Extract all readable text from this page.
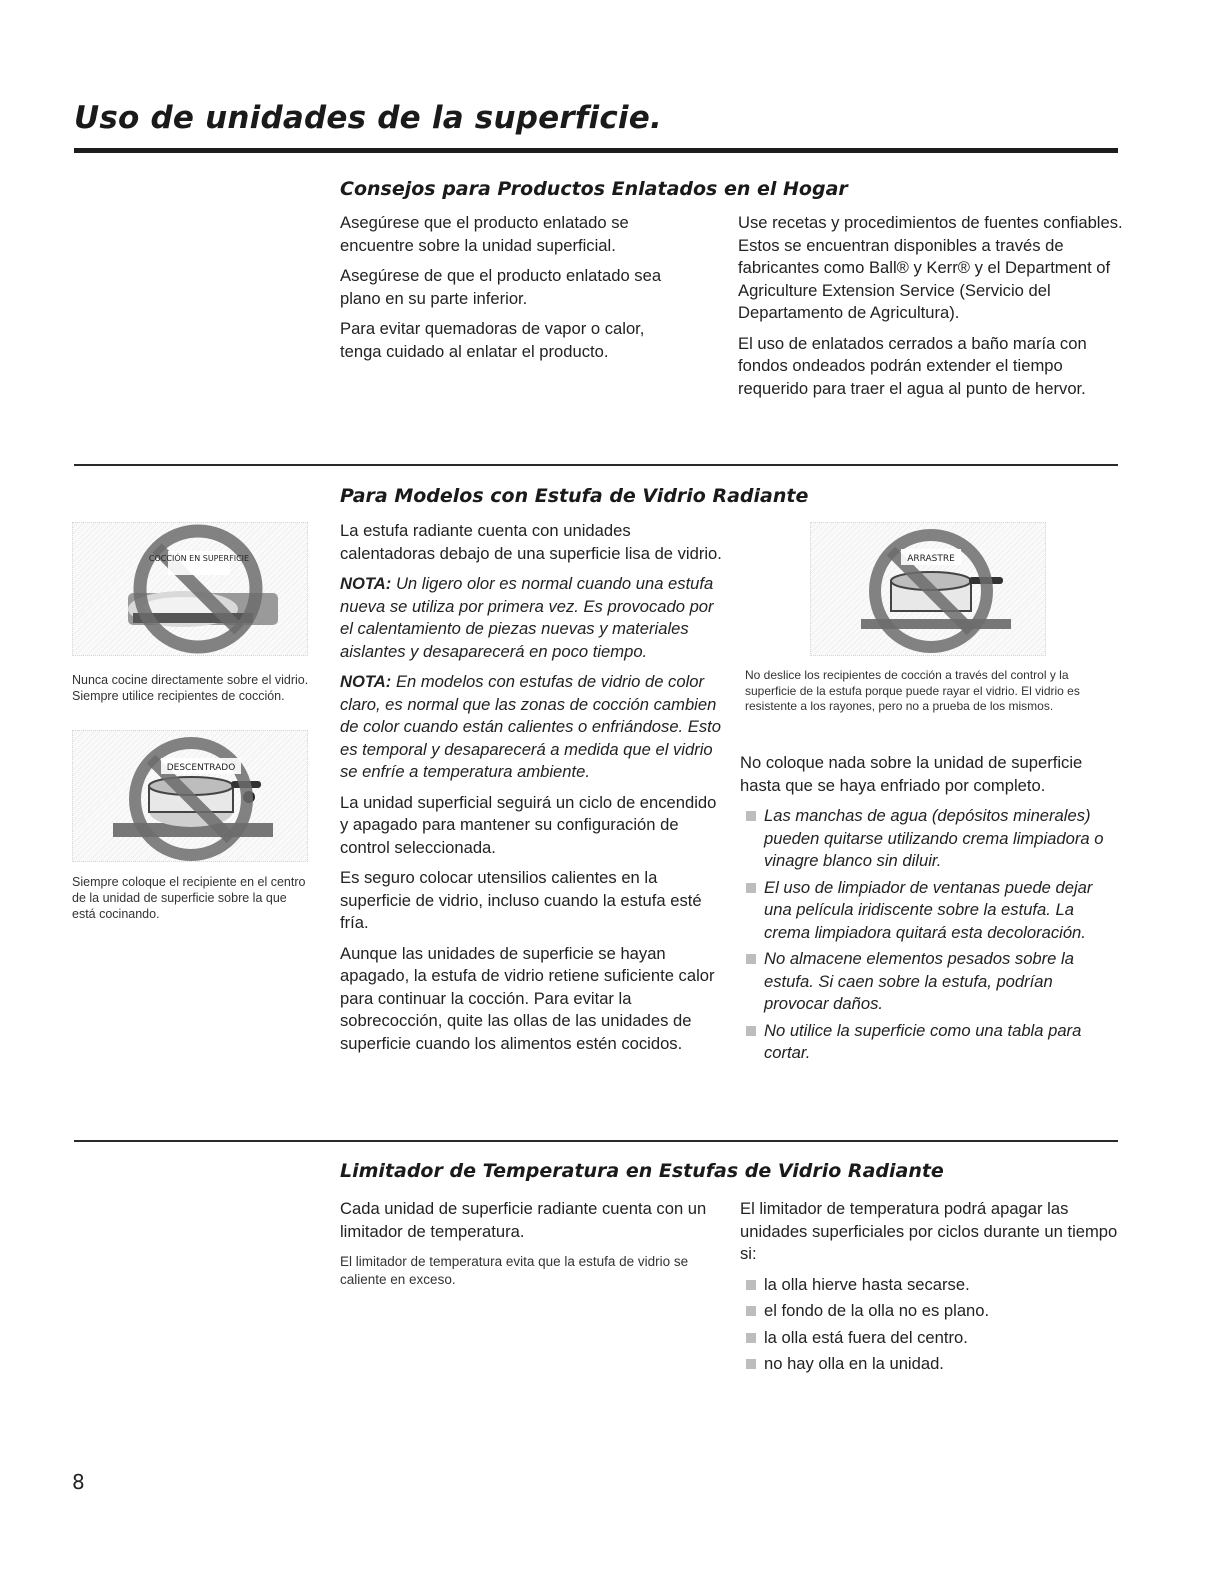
Uso de unidades de la superficie.
Consejos para Productos Enlatados en el Hogar

Asegúrese que el producto enlatado se encuentre sobre la unidad superficial.

Asegúrese de que el producto enlatado sea plano en su parte inferior.

Para evitar quemadoras de vapor o calor, tenga cuidado al enlatar el producto.

Use recetas y procedimientos de fuentes confiables. Estos se encuentran disponibles a través de fabricantes como Ball® y Kerr® y el Department of Agriculture Extension Service (Servicio del Departamento de Agricultura).

El uso de enlatados cerrados a baño maría con fondos ondeados podrán extender el tiempo requerido para traer el agua al punto de hervor.

Para Modelos con Estufa de Vidrio Radiante
COCCIÓN EN SUPERFICIE

Nunca cocine directamente sobre el vidrio. Siempre utilice recipientes de cocción.

DESCENTRADO

Siempre coloque el recipiente en el centro de la unidad de superficie sobre la que está cocinando.

La estufa radiante cuenta con unidades calentadoras debajo de una superficie lisa de vidrio.

NOTA: Un ligero olor es normal cuando una estufa nueva se utiliza por primera vez. Es provocado por el calentamiento de piezas nuevas y materiales aislantes y desaparecerá en poco tiempo.

NOTA: En modelos con estufas de vidrio de color claro, es normal que las zonas de cocción cambien de color cuando están calientes o enfriándose. Esto es temporal y desaparecerá a medida que el vidrio se enfríe a temperatura ambiente.

La unidad superficial seguirá un ciclo de encendido y apagado para mantener su configuración de control seleccionada.

Es seguro colocar utensilios calientes en la superficie de vidrio, incluso cuando la estufa esté fría.

Aunque las unidades de superficie se hayan apagado, la estufa de vidrio retiene suficiente calor para continuar la cocción. Para evitar la sobrecocción, quite las ollas de las unidades de superficie cuando los alimentos estén cocidos.

ARRASTRE

No deslice los recipientes de cocción a través del control y la superficie de la estufa porque puede rayar el vidrio. El vidrio es resistente a los rayones, pero no a prueba de los mismos.

No coloque nada sobre la unidad de superficie hasta que se haya enfriado por completo.

Las manchas de agua (depósitos minerales) pueden quitarse utilizando crema limpiadora o vinagre blanco sin diluir.
El uso de limpiador de ventanas puede dejar una película iridiscente sobre la estufa. La crema limpiadora quitará esta decoloración.
No almacene elementos pesados sobre la estufa. Si caen sobre la estufa, podrían provocar daños.
No utilice la superficie como una tabla para cortar.
Limitador de Temperatura en Estufas de Vidrio Radiante

Cada unidad de superficie radiante cuenta con un limitador de temperatura.

El limitador de temperatura evita que la estufa de vidrio se caliente en exceso.

El limitador de temperatura podrá apagar las unidades superficiales por ciclos durante un tiempo si:

la olla hierve hasta secarse.
el fondo de la olla no es plano.
la olla está fuera del centro.
no hay olla en la unidad.
8
